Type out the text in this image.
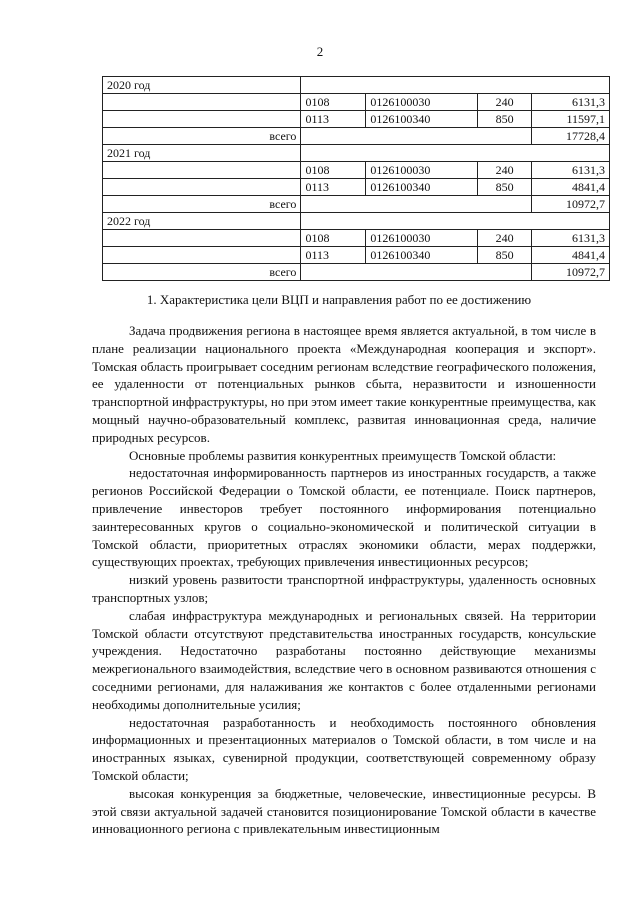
2
2020 год				
	0108	0126100030	240	6131,3
	0113	0126100340	850	11597,1
всего				17728,4
2021 год				
	0108	0126100030	240	6131,3
	0113	0126100340	850	4841,4
всего				10972,7
2022 год				
	0108	0126100030	240	6131,3
	0113	0126100340	850	4841,4
всего				10972,7
1. Характеристика цели ВЦП и направления работ по ее достижению

Задача продвижения региона в настоящее время является актуальной, в том числе в плане реализации национального проекта «Международная кооперация и экспорт». Томская область проигрывает соседним регионам вследствие географического положения, ее удаленности от потенциальных рынков сбыта, неразвитости и изношенности транспортной инфраструктуры, но при этом имеет такие конкурентные преимущества, как мощный научно-образовательный комплекс, развитая инновационная среда, наличие природных ресурсов.

Основные проблемы развития конкурентных преимуществ Томской области:

недостаточная информированность партнеров из иностранных государств, а также регионов Российской Федерации о Томской области, ее потенциале. Поиск партнеров, привлечение инвесторов требует постоянного информирования потенциально заинтересованных кругов о социально-экономической и политической ситуации в Томской области, приоритетных отраслях экономики области, мерах поддержки, существующих проектах, требующих привлечения инвестиционных ресурсов;

низкий уровень развитости транспортной инфраструктуры, удаленность основных транспортных узлов;

слабая инфраструктура международных и региональных связей. На территории Томской области отсутствуют представительства иностранных государств, консульские учреждения. Недостаточно разработаны постоянно действующие механизмы межрегионального взаимодействия, вследствие чего в основном развиваются отношения с соседними регионами, для налаживания же контактов с более отдаленными регионами необходимы дополнительные усилия;

недостаточная разработанность и необходимость постоянного обновления информационных и презентационных материалов о Томской области, в том числе и на иностранных языках, сувенирной продукции, соответствующей современному образу Томской области;

высокая конкуренция за бюджетные, человеческие, инвестиционные ресурсы. В этой связи актуальной задачей становится позиционирование Томской области в качестве инновационного региона с привлекательным инвестиционным
